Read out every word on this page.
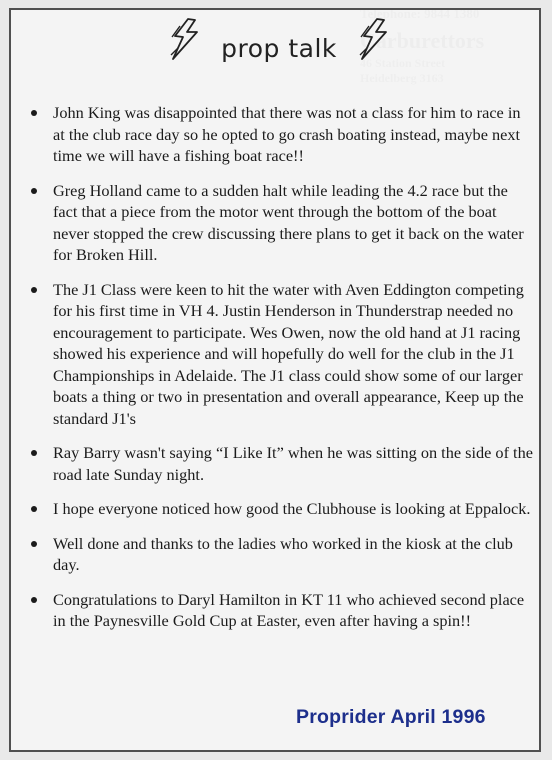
prop talk
John King was disappointed that there was not a class for him to race in at the club race day so he opted to go crash boating instead, maybe next time we will have a fishing boat race!!
Greg Holland came to a sudden halt while leading the 4.2 race but the fact that a piece from the motor went through the bottom of the boat never stopped the crew discussing there plans to get it back on the water for Broken Hill.
The J1 Class were keen to hit the water with Aven Eddington competing for his first time in VH 4. Justin Henderson in Thunderstrap needed no encouragement to participate. Wes Owen, now the old hand at J1 racing showed his experience and will hopefully do well for the club in the J1 Championships in Adelaide. The J1 class could show some of our larger boats a thing or two in presentation and overall appearance, Keep up the standard J1's
Ray Barry wasn't saying “I Like It” when he was sitting on the side of the road late Sunday night.
I hope everyone noticed how good the Clubhouse is looking at Eppalock.
Well done and thanks to the ladies who worked in the kiosk at the club day.
Congratulations to Daryl Hamilton in KT 11 who achieved second place in the Paynesville Gold Cup at Easter, even after having a spin!!
Proprider April 1996
